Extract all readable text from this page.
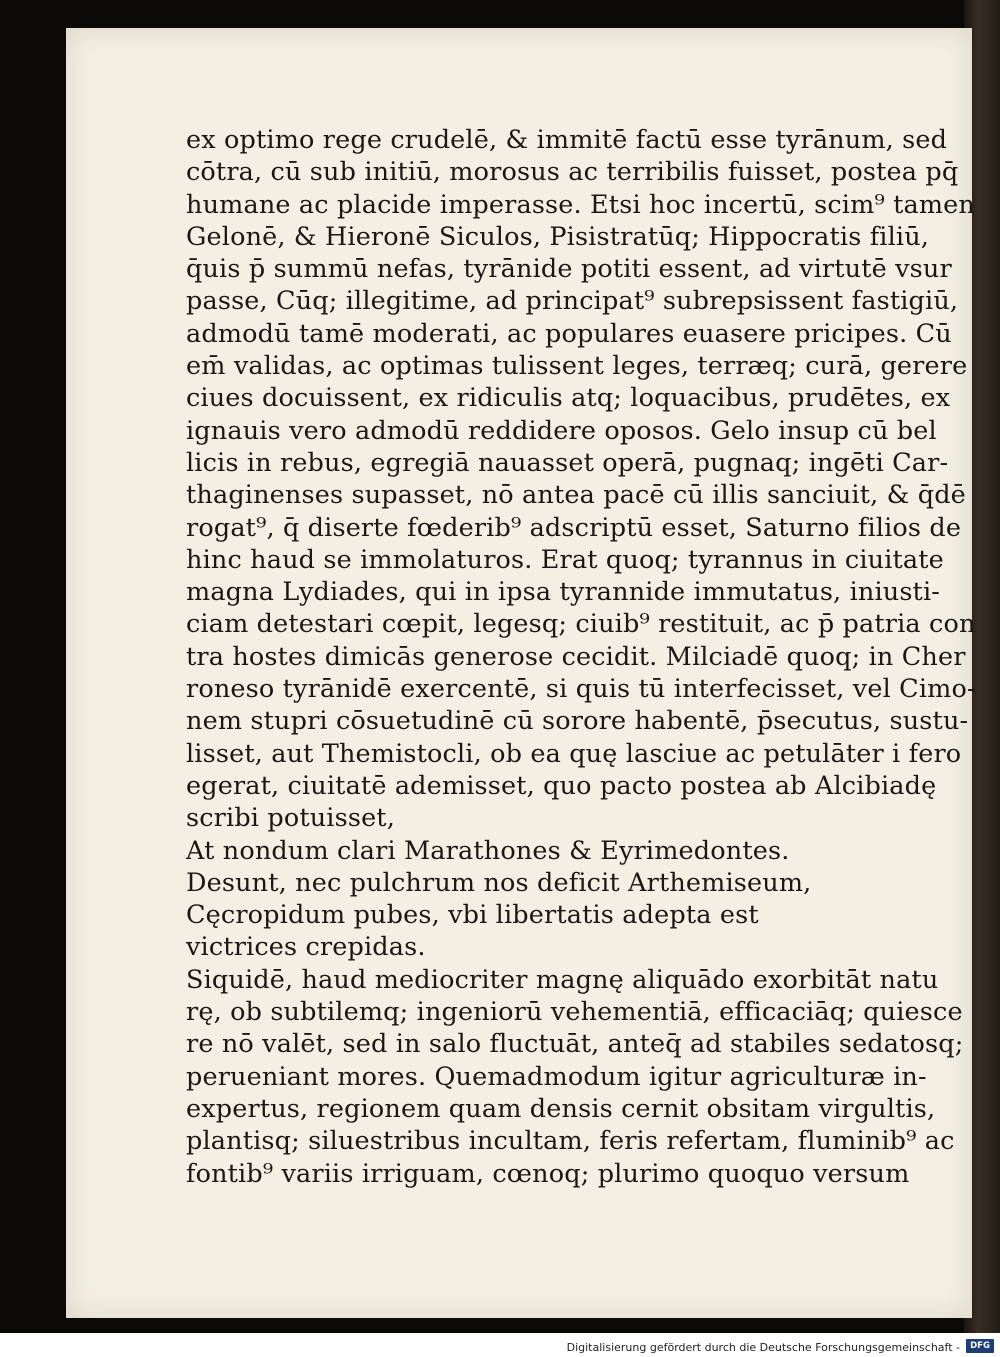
ex optimo rege crudelē, & immitē factū esse tyrānum, sed
cōtra, cū sub initiū, morosus ac terribilis fuisset, postea pq̄
humane ac placide imperasse. Etsi hoc incertū, scim⁹ tamen
Gelonē, & Hieronē Siculos, Pisistratūq; Hippocratis filiū,
q̄uis p̄ summū nefas, tyrānide potiti essent, ad virtutē vsur
passe, Cūq; illegitime, ad principat⁹ subrepsissent fastigiū,
admodū tamē moderati, ac populares euasere pricipes. Cū
em̄ validas, ac optimas tulissent leges, terræq; curā, gerere
ciues docuissent, ex ridiculis atq; loquacibus, prudētes, ex
ignauis vero admodū reddidere oposos. Gelo insup cū bel
licis in rebus, egregiā nauasset operā, pugnaq; ingēti Car-
thaginenses supasset, nō antea pacē cū illis sanciuit, & q̄dē
rogat⁹, q̄ diserte fœderib⁹ adscriptū esset, Saturno filios de
hinc haud se immolaturos. Erat quoq; tyrannus in ciuitate
magna Lydiades, qui in ipsa tyrannide immutatus, iniusti-
ciam detestari cœpit, legesq; ciuib⁹ restituit, ac p̄ patria con
tra hostes dimicās generose cecidit. Milciadē quoq; in Cher
roneso tyrānidē exercentē, si quis tū interfecisset, vel Cimo-
nem stupri cōsuetudinē cū sorore habentē, p̄secutus, sustu-
lisset, aut Themistocli, ob ea quę lasciue ac petulāter i fero
egerat, ciuitatē ademisset, quo pacto postea ab Alcibiadę
scribi potuisset,
At nondum clari Marathones & Eyrimedontes.
Desunt, nec pulchrum nos deficit Arthemiseum,
Cęcropidum pubes, vbi libertatis adepta est
victrices crepidas.
Siquidē, haud mediocriter magnę aliquādo exorbitāt natu
rę, ob subtilemq; ingeniorū vehementiā, efficaciāq; quiesce
re nō valēt, sed in salo fluctuāt, anteq̄ ad stabiles sedatosq;
perueniant mores. Quemadmodum igitur agriculturæ in-
expertus, regionem quam densis cernit obsitam virgultis,
plantisq; siluestribus incultam, feris refertam, fluminib⁹ ac
fontib⁹ variis irriguam, cœnoq; plurimo quoquo versum
Digitalisierung gefördert durch die Deutsche Forschungsgemeinschaft -	DFG
